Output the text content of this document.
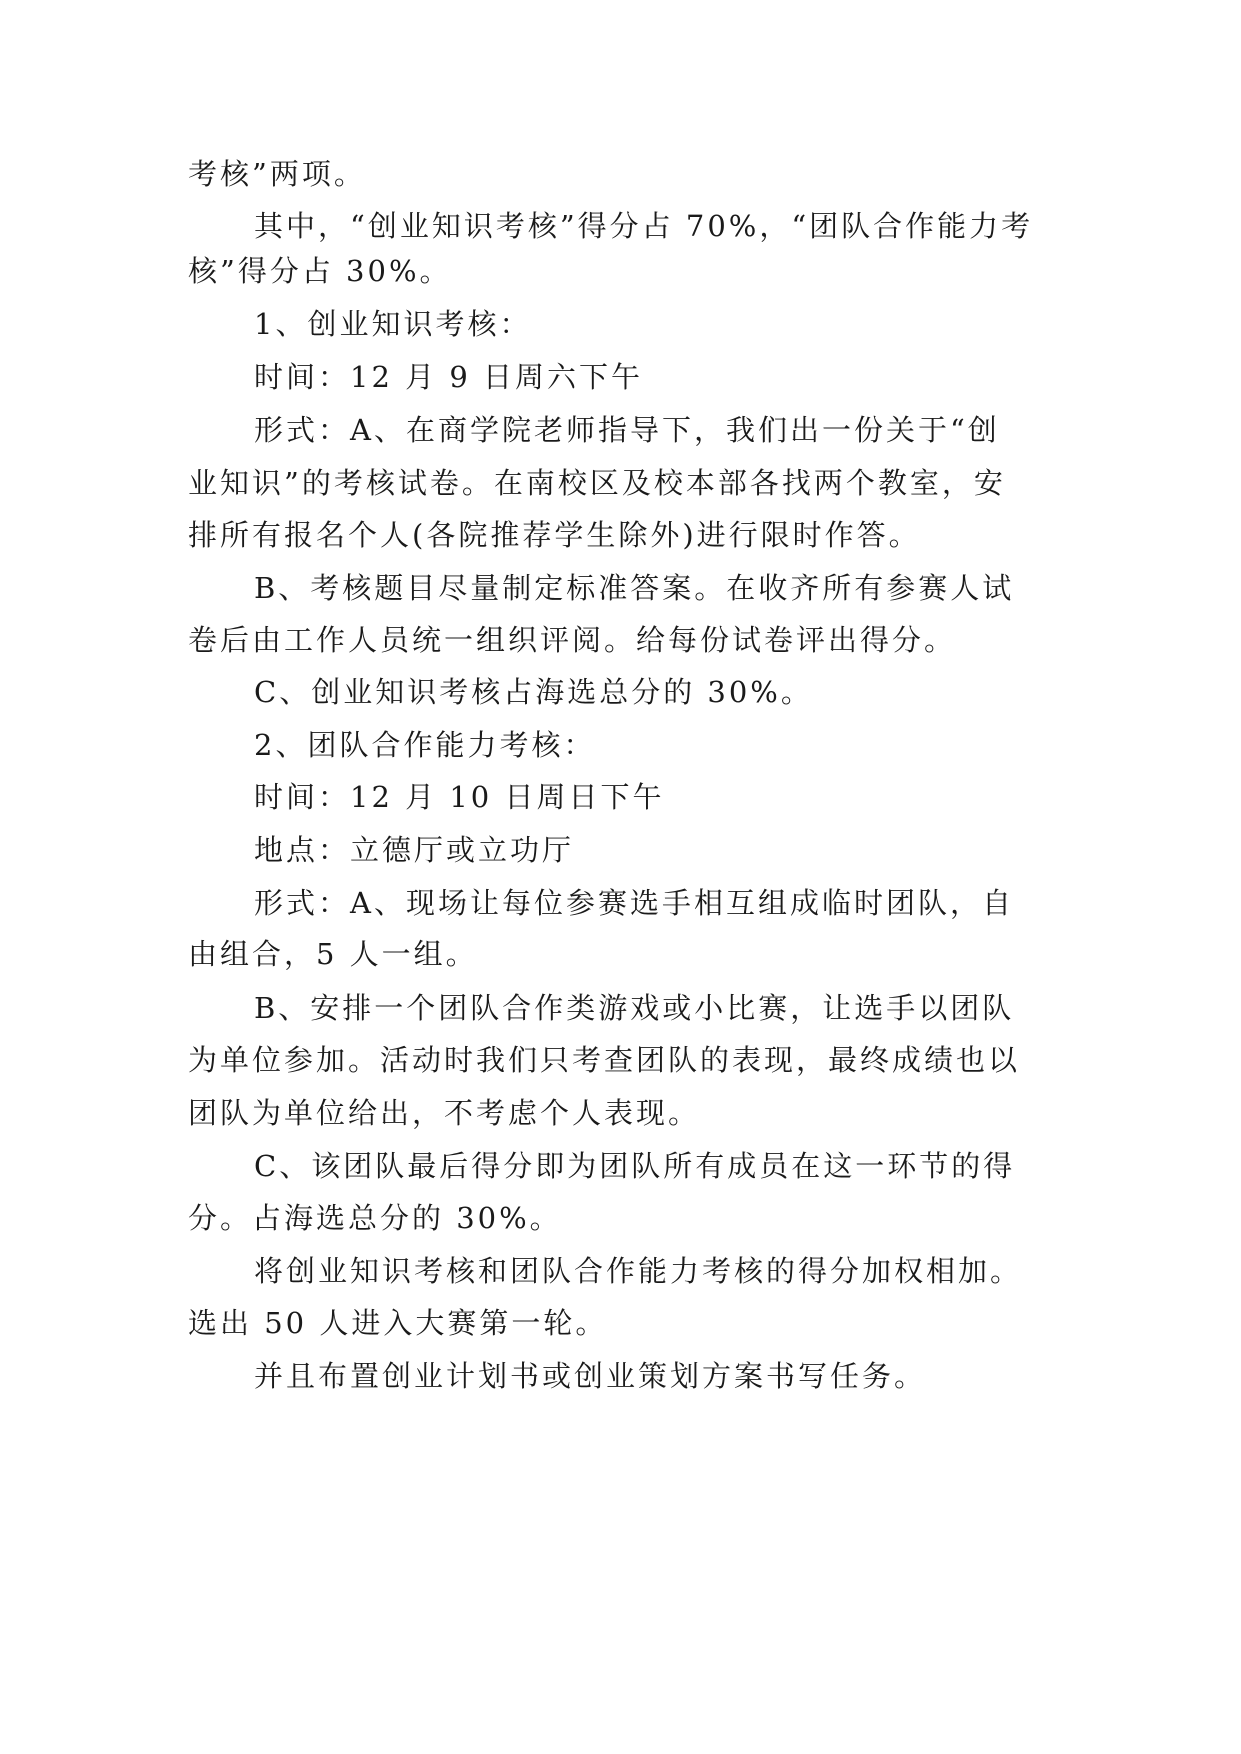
考核”两项。
其中，“创业知识考核”得分占 70%，“团队合作能力考
核”得分占 30%。
1、创业知识考核：
时间：12 月 9 日周六下午
形式：A、在商学院老师指导下，我们出一份关于“创
业知识”的考核试卷。在南校区及校本部各找两个教室，安
排所有报名个人(各院推荐学生除外)进行限时作答。
B、考核题目尽量制定标准答案。在收齐所有参赛人试
卷后由工作人员统一组织评阅。给每份试卷评出得分。
C、创业知识考核占海选总分的 30%。
2、团队合作能力考核：
时间：12 月 10 日周日下午
地点：立德厅或立功厅
形式：A、现场让每位参赛选手相互组成临时团队，自
由组合，5 人一组。
B、安排一个团队合作类游戏或小比赛，让选手以团队
为单位参加。活动时我们只考查团队的表现，最终成绩也以
团队为单位给出，不考虑个人表现。
C、该团队最后得分即为团队所有成员在这一环节的得
分。占海选总分的 30%。
将创业知识考核和团队合作能力考核的得分加权相加。
选出 50 人进入大赛第一轮。
并且布置创业计划书或创业策划方案书写任务。
